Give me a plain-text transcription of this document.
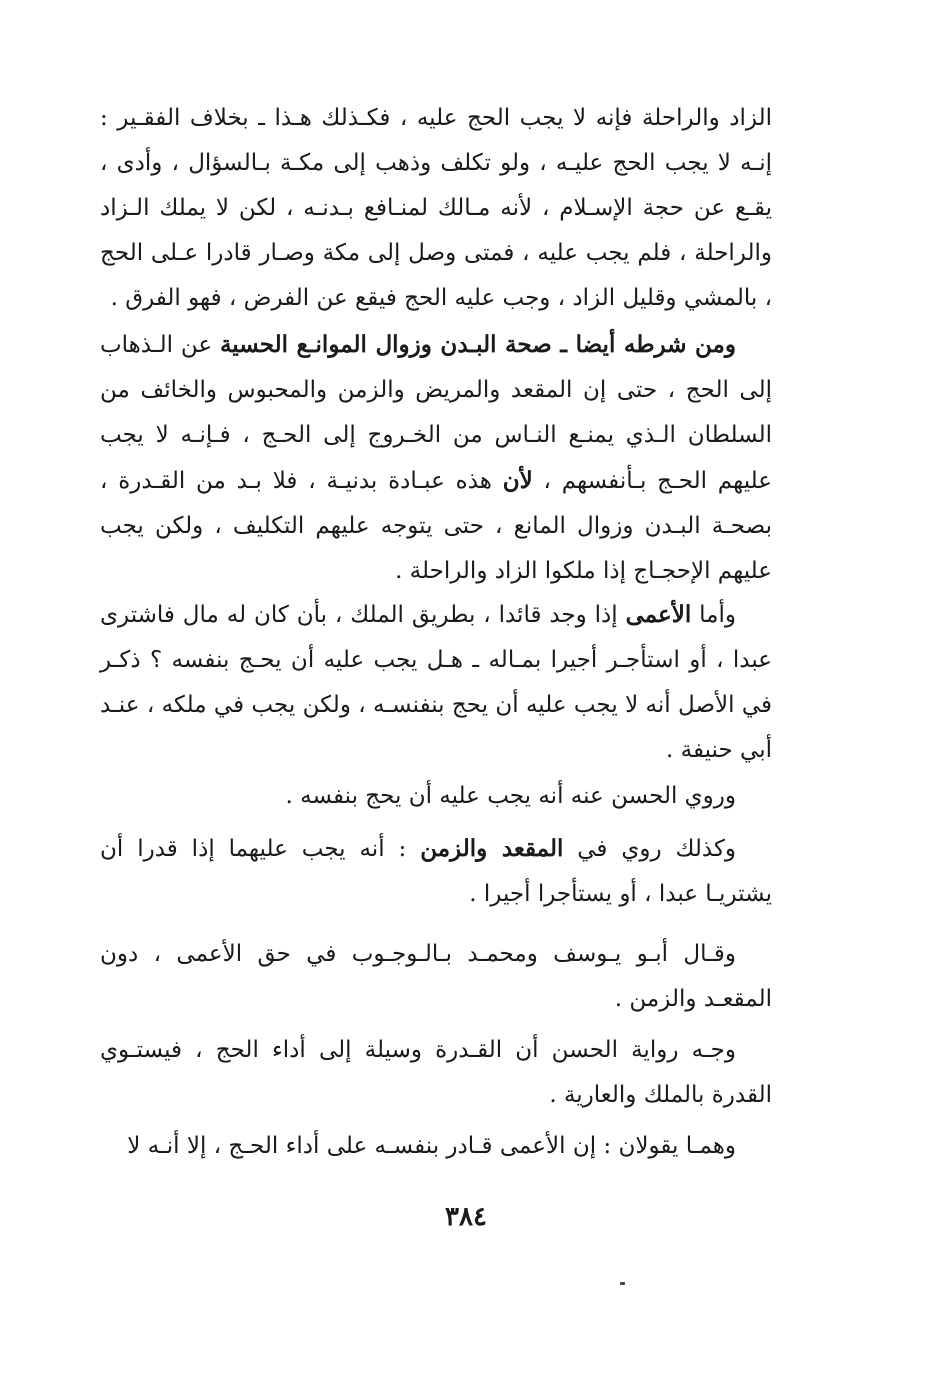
الزاد والراحلة فإنه لا يجب الحج عليه ، فكـذلك هـذا ـ بخلاف الفقـير : إنـه لا يجب الحج عليـه ، ولو تكلف وذهب إلى مكـة بـالسؤال ، وأدى ، يقـع عن حجة الإسـلام ، لأنه مـالك لمنـافع بـدنـه ، لكن لا يملك الـزاد والراحلة ، فلم يجب عليه ، فمتى وصل إلى مكة وصـار قادرا عـلى الحج ، بالمشي وقليل الزاد ، وجب عليه الحج فيقع عن الفرض ، فهو الفرق .

ومن شرطه أيضا ـ صحة البـدن وزوال الموانـع الحسية عن الـذهاب إلى الحج ، حتى إن المقعد والمريض والزمن والمحبوس والخائف من السلطان الـذي يمنـع النـاس من الخـروج إلى الحـج ، فـإنـه لا يجب عليهم الحـج بـأنفسهم ، لأن هذه عبـادة بدنيـة ، فلا بـد من القـدرة ، بصحـة البـدن وزوال المانع ، حتى يتوجه عليهم التكليف ، ولكن يجب عليهم الإحجـاج إذا ملكوا الزاد والراحلة .

وأما الأعمى إذا وجد قائدا ، بطريق الملك ، بأن كان له مال فاشترى عبدا ، أو استأجـر أجيرا بمـاله ـ هـل يجب عليه أن يحـج بنفسه ؟ ذكـر في الأصل أنه لا يجب عليه أن يحج بنفنسـه ، ولكن يجب في ملكه ، عنـد أبي حنيفة .

وروي الحسن عنه أنه يجب عليه أن يحج بنفسه .

وكذلك روي في المقعد والزمن : أنه يجب عليهما إذا قدرا أن يشتريـا عبدا ، أو يستأجرا أجيرا .

وقـال أبـو يـوسف ومحمـد بـالـوجـوب في حق الأعمى ، دون المقعـد والزمن .

وجـه رواية الحسن أن القـدرة وسيلة إلى أداء الحج ، فيستـوي القدرة بالملك والعارية .

وهمـا يقولان : إن الأعمى قـادر بنفسـه على أداء الحـج ، إلا أنـه لا

٣٨٤
